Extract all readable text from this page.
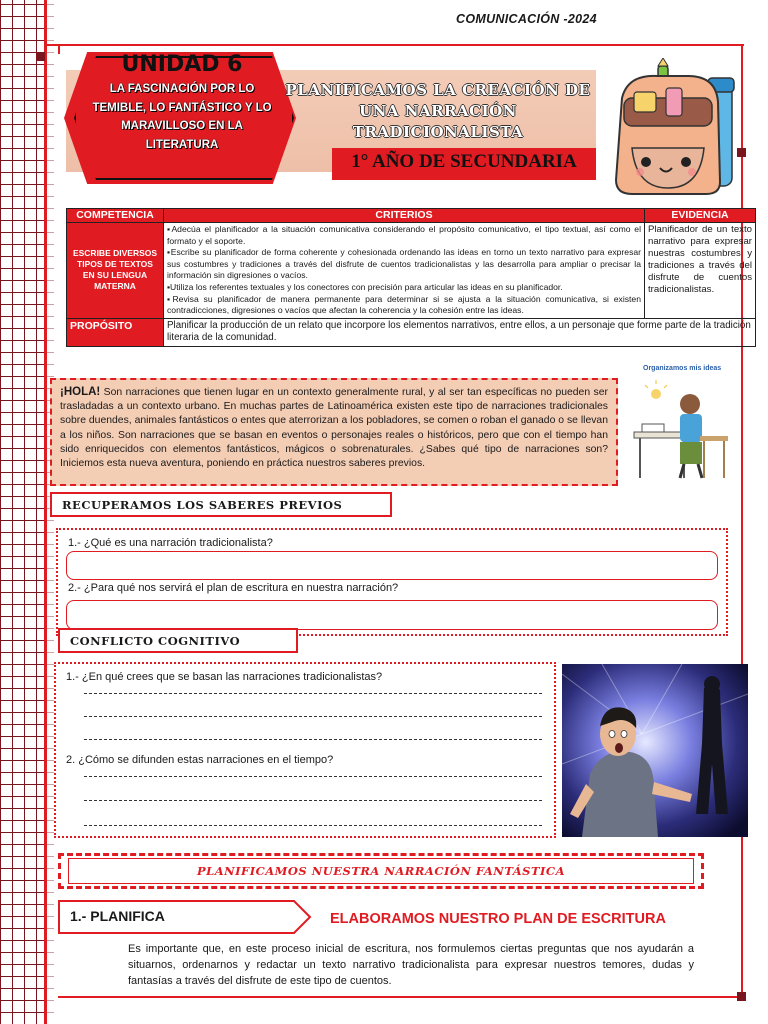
COMUNICACIÓN -2024
UNIDAD 6
LA FASCINACIÓN POR LO
TEMIBLE, LO FANTÁSTICO Y LO
MARAVILLOSO EN LA
LITERATURA
PLANIFICAMOS LA CREACIÓN DE
UNA NARRACIÓN
TRADICIONALISTA
1° AÑO DE SECUNDARIA
COMPETENCIA	CRITERIOS	EVIDENCIA
ESCRIBE DIVERSOS TIPOS DE TEXTOS EN SU LENGUA MATERNA	▪Adecúa el planificador a la situación comunicativa considerando el propósito comunicativo, el tipo textual, así como el formato y el soporte.
▪Escribe su planificador de forma coherente y cohesionada ordenando las ideas en torno un texto narrativo para expresar sus costumbres y tradiciones a través del disfrute de cuentos tradicionalistas y las desarrolla para ampliar o precisar la información sin digresiones o vacíos.
▪Utiliza los referentes textuales y los conectores con precisión para articular las ideas en su planificador.
▪Revisa su planificador de manera permanente para determinar si se ajusta a la situación comunicativa, si existen contradicciones, digresiones o vacíos que afectan la coherencia y la cohesión entre las ideas.	Planificador de un texto narrativo para expresar nuestras costumbres y tradiciones a través del disfrute de cuentos tradicionalistas.
PROPÓSITO	Planificar la producción de un relato que incorpore los elementos narrativos, entre ellos, a un personaje que forme parte de la tradición literaria de la comunidad.	
¡HOLA! Son narraciones que tienen lugar en un contexto generalmente rural, y al ser tan específicas no pueden ser trasladadas a un contexto urbano. En muchas partes de Latinoamérica existen este tipo de narraciones tradicionales sobre duendes, animales fantásticos o entes que aterrorizan a los pobladores, se comen o roban el ganado o se llevan a los niños. Son narraciones que se basan en eventos o personajes reales o históricos, pero que con el tiempo han sido enriquecidos con elementos fantásticos, mágicos o sobrenaturales. ¿Sabes qué tipo de narraciones son? Iniciemos esta nueva aventura, poniendo en práctica nuestros saberes previos.
Organizamos mis ideas
RECUPERAMOS LOS SABERES PREVIOS
1.- ¿Qué es una narración tradicionalista?
2.- ¿Para qué nos servirá el plan de escritura en nuestra narración?
CONFLICTO COGNITIVO
1.- ¿En qué crees que se basan las narraciones tradicionalistas?
2. ¿Cómo se difunden estas narraciones en el tiempo?
PLANIFICAMOS NUESTRA NARRACIÓN FANTÁSTICA
1.- PLANIFICA	ELABORAMOS NUESTRO PLAN DE ESCRITURA
Es importante que, en este proceso inicial de escritura, nos formulemos ciertas preguntas que nos ayudarán a situarnos, ordenarnos y redactar un texto narrativo tradicionalista para expresar nuestros temores, dudas y fantasías a través del disfrute de este tipo de cuentos.
